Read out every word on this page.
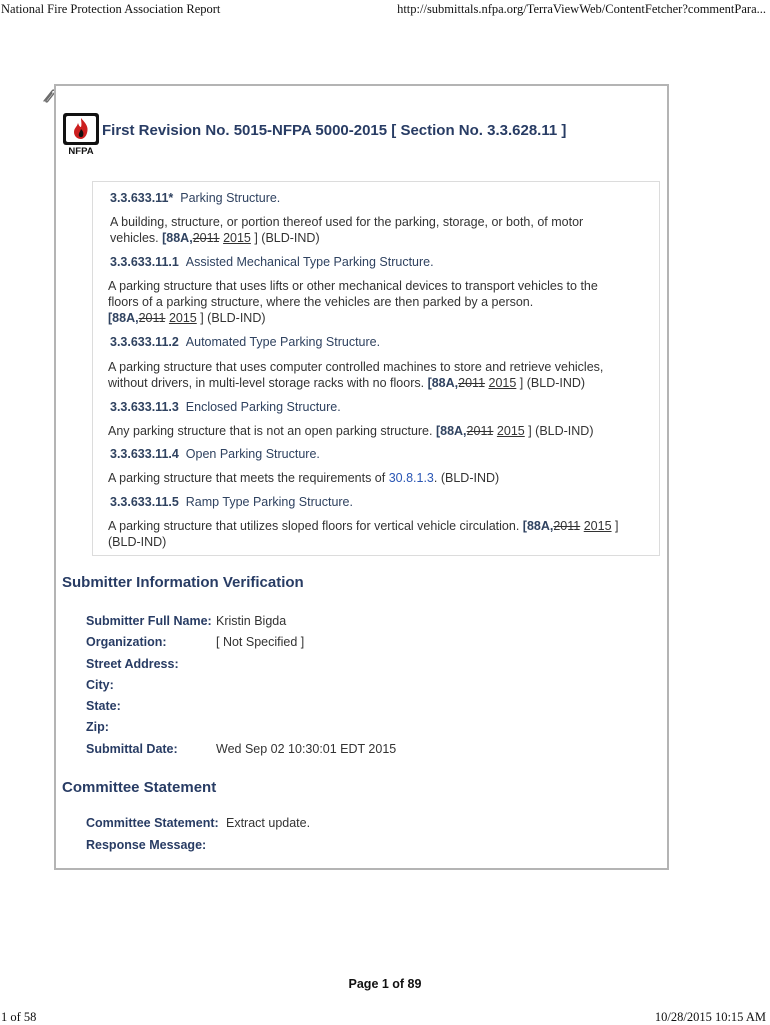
National Fire Protection Association Report	http://submittals.nfpa.org/TerraViewWeb/ContentFetcher?commentPara...
1 of 58	10/28/2015 10:15 AM
NFPA
First Revision No. 5015-NFPA 5000-2015 [ Section No. 3.3.628.11 ]
3.3.633.11* Parking Structure.
A building, structure, or portion thereof used for the parking, storage, or both, of motor
vehicles. [88A,2011 2015 ] (BLD-IND)
3.3.633.11.1 Assisted Mechanical Type Parking Structure.
A parking structure that uses lifts or other mechanical devices to transport vehicles to the
floors of a parking structure, where the vehicles are then parked by a person.
[88A,2011 2015 ] (BLD-IND)
3.3.633.11.2 Automated Type Parking Structure.
A parking structure that uses computer controlled machines to store and retrieve vehicles,
without drivers, in multi-level storage racks with no floors. [88A,2011 2015 ] (BLD-IND)
3.3.633.11.3 Enclosed Parking Structure.
Any parking structure that is not an open parking structure. [88A,2011 2015 ] (BLD-IND)
3.3.633.11.4 Open Parking Structure.
A parking structure that meets the requirements of 30.8.1.3. (BLD-IND)
3.3.633.11.5 Ramp Type Parking Structure.
A parking structure that utilizes sloped floors for vertical vehicle circulation. [88A,2011 2015 ]
(BLD-IND)
Submitter Information Verification
Submitter Full Name: Kristin Bigda
Organization:	[ Not Specified ]
Street Address:
City:
State:
Zip:
Submittal Date:	Wed Sep 02 10:30:01 EDT 2015
Committee Statement
Committee Statement: Extract update.
Response Message:
Page 1 of 89
